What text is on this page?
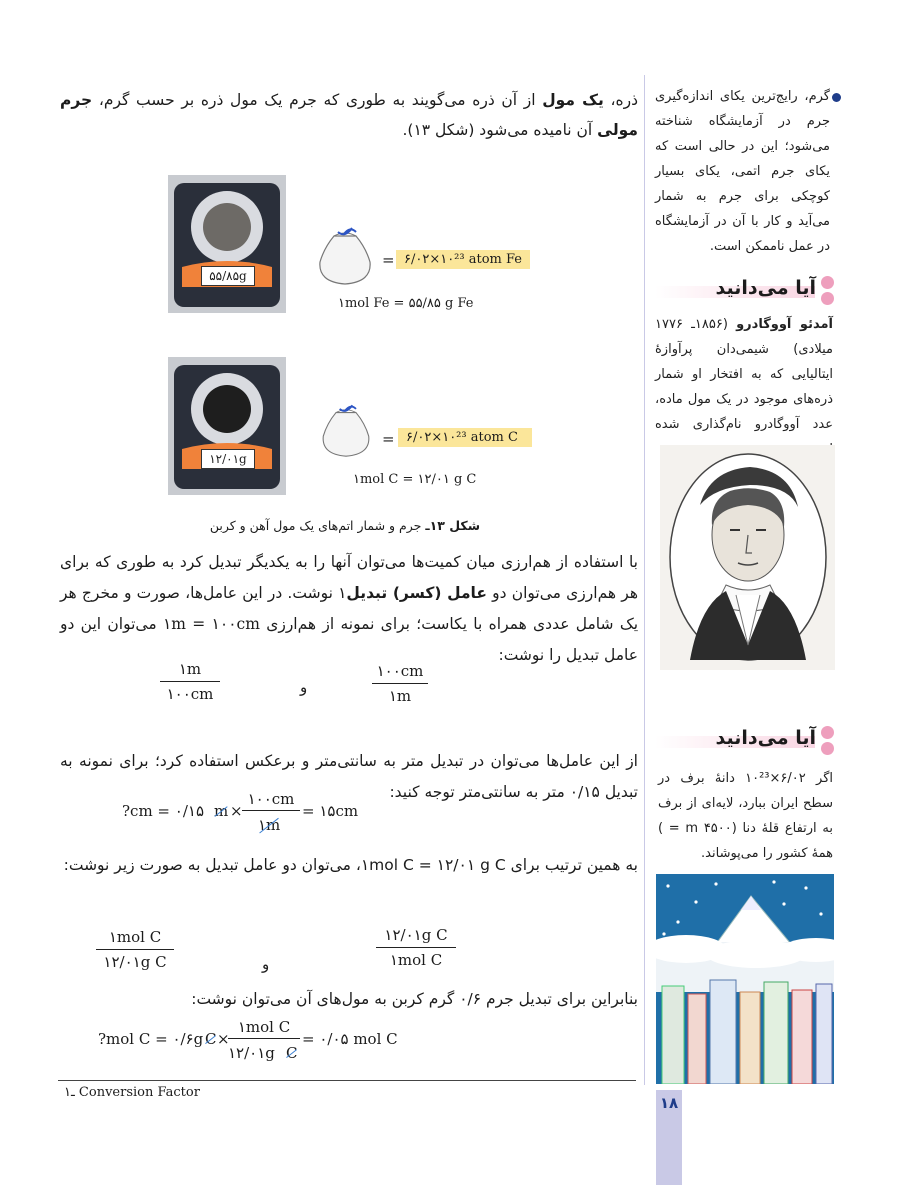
گرم، رایج‌ترین یکای اندازه‌گیری جرم در آزمایشگاه شناخته می‌شود؛ این در حالی است که یکای جرم اتمی، یکای بسیار کوچکی برای جرم به شمار می‌آید و کار با آن در آزمایشگاه در عمل ناممکن است.
آیا می‌دانید
آمدئو آووگادرو (۱۸۵۶ـ ۱۷۷۶ میلادی) شیمی‌دان پرآوازهٔ ایتالیایی که به افتخار او شمار ذره‌های موجود در یک مول ماده، عدد آووگادرو نام‌گذاری شده
آیا می‌دانید
اگر ۶/۰۲×۱۰²³ دانهٔ برف در سطح ایران ببارد، لایه‌ای از برف به ارتفاع قلهٔ دنا (m ۴۵۰۰ = ) همهٔ کشور را می‌پوشاند.
۱۸
ذره، یک مول از آن ذره می‌گویند به طوری که جرم یک مول ذره بر حسب گرم، جرم مولی آن نامیده می‌شود (شکل ۱۳).
۵۵/۸۵g
= ۶/۰۲×۱۰²³ atom Fe
۱mol Fe = ۵۵/۸۵ g Fe
۱۲/۰۱g
= ۶/۰۲×۱۰²³ atom C
۱mol C = ۱۲/۰۱ g C
شکل ۱۳ـ جرم و شمار اتم‌های یک مول آهن و کربن
با استفاده از هم‌ارزی میان کمیت‌ها می‌توان آنها را به یکدیگر تبدیل کرد به طوری که برای هر هم‌ارزی می‌توان دو عامل (کسر) تبدیل۱ نوشت. در این عامل‌ها، صورت و مخرج هر یک شامل عددی همراه با یکاست؛ برای نمونه از هم‌ارزی ۱m = ۱۰۰cm می‌توان این دو عامل تبدیل را نوشت:
$\frac{۱۰۰cm}{۱m}$
و
$\frac{۱m}{۱۰۰cm}$
از این عامل‌ها می‌توان در تبدیل متر به سانتی‌متر و برعکس استفاده کرد؛ برای نمونه به تبدیل ۰/۱۵ متر به سانتی‌متر توجه کنید:
?cm = ۰/۱۵ m ×
۱۰۰cm
۱m
= ۱۵cm
به همین ترتیب برای ۱mol C = ۱۲/۰۱ g C، می‌توان دو عامل تبدیل به صورت زیر نوشت:
۱۲/۰۱g C
۱mol C
و
۱mol C
۱۲/۰۱g C
بنابراین برای تبدیل جرم ۰/۶ گرم کربن به مول‌های آن می‌توان نوشت:
?mol C = ۰/۶g C ×
۱mol C
۱۲/۰۱g C
= ۰/۰۵ mol C
۱ـ Conversion Factor
